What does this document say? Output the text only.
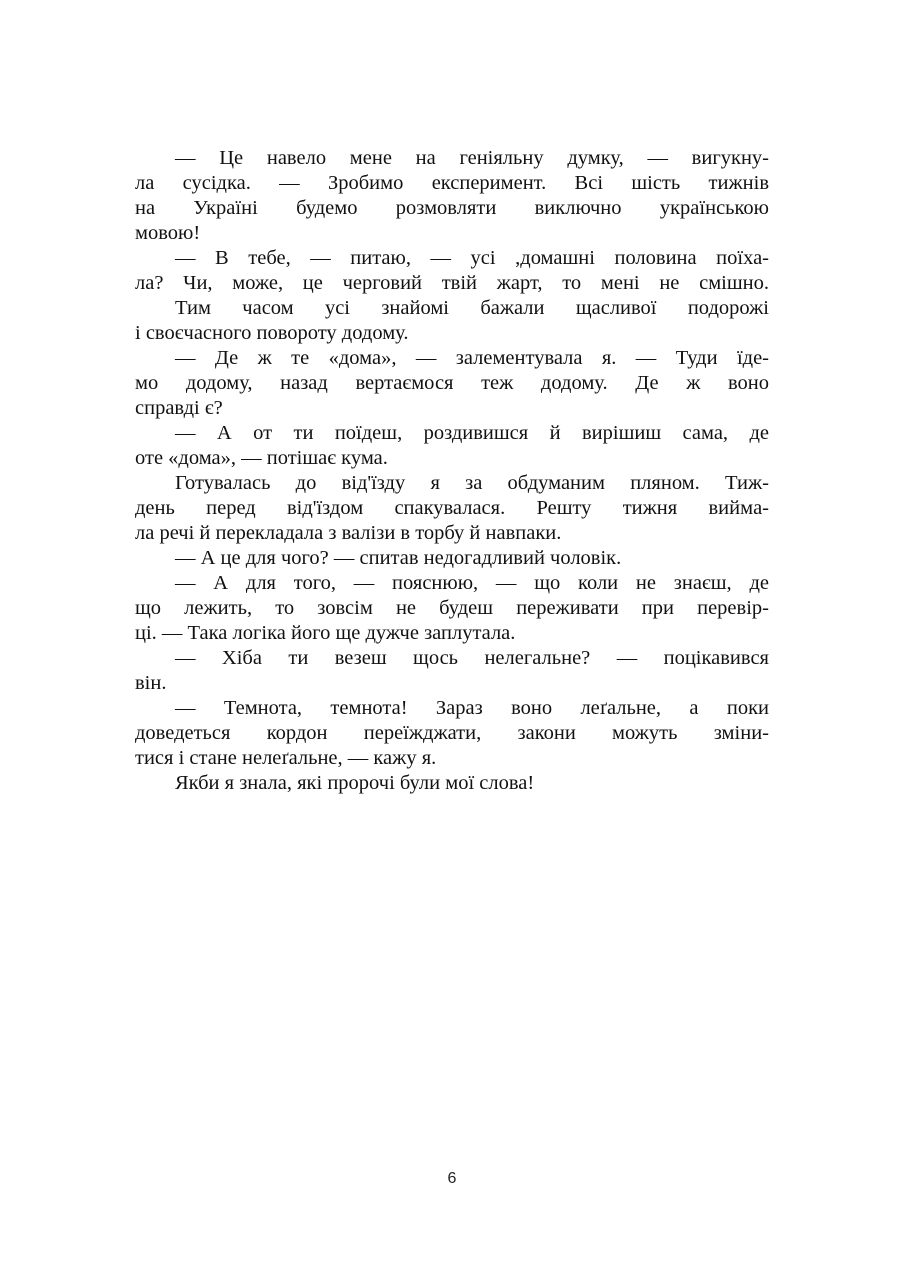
— Це навело мене на геніяльну думку, — вигукну-
ла сусідка. — Зробимо експеримент. Всі шість тижнів
на Україні будемо розмовляти виключно українською
мовою!
— В тебе, — питаю, — усі ,домашні половина поїха-
ла? Чи, може, це черговий твій жарт, то мені не смішно.
Тим часом усі знайомі бажали щасливої подорожі
і своєчасного повороту додому.
— Де ж те «дома», — залементувала я. — Туди їде-
мо додому, назад вертаємося теж додому. Де ж воно
справді є?
— А от ти поїдеш, роздивишся й вирішиш сама, де
оте «дома», — потішає кума.
Готувалась до від'їзду я за обдуманим пляном. Тиж-
день перед від'їздом спакувалася. Решту тижня виймa-
ла речі й перекладала з валізи в торбу й навпаки.
— А це для чого? — спитав недогадливий чоловік.
— А для того, — пояснюю, — що коли не знаєш, де
що лежить, то зовсім не будеш переживати при перевір-
ці. — Така логіка його ще дужче заплутала.
— Хіба ти везеш щось нелегальне? — поцікавився
він.
— Темнота, темнота! Зараз воно леґальне, а поки
доведеться кордон переїжджати, закони можуть зміни-
тися і стане нелеґальне, — кажу я.
Якби я знала, які пророчі були мої слова!
6
